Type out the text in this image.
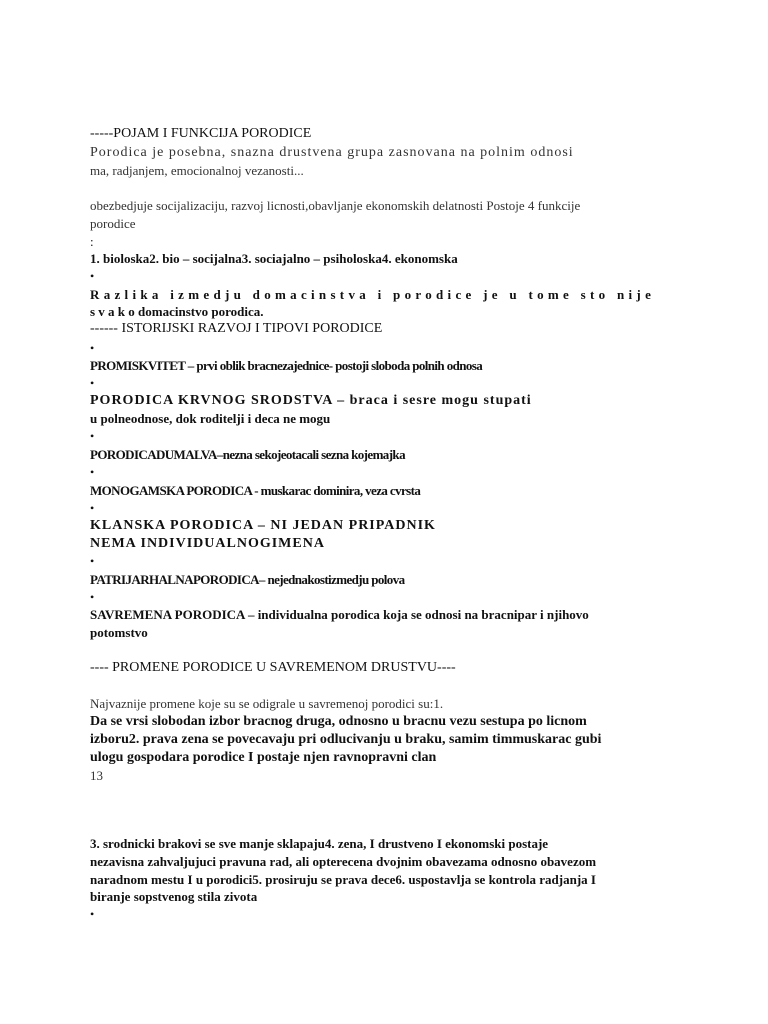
-----POJAM I FUNKCIJA PORODICE
Porodica je posebna, snazna drustvena grupa zasnovana na polnim odnosi
ma, radjanjem, emocionalnoj vezanosti...
obezbedjuje socijalizaciju, razvoj licnosti,obavljanje ekonomskih delatnosti Postoje 4 funkcije
porodice
:
1. bioloska2. bio – socijalna3. sociajalno – psiholoska4. ekonomska
•
Razlika izmedju domacinstva i porodice je u tome sto nije
s v a k o domacinstvo porodica.
------ ISTORIJSKI RAZVOJ I TIPOVI PORODICE
•
PROMISKVITET – prvi oblik bracnezajednice- postoji sloboda polnih odnosa
•
PORODICA KRVNOG SRODSTVA – braca i sesre mogu stupati
u polneodnose, dok roditelji i deca ne mogu
•
PORODICADUMALVA–nezna sekojeotacali sezna kojemajka
•
MONOGAMSKA PORODICA - muskarac dominira, veza cvrsta
•
KLANSKA PORODICA – NI JEDAN PRIPADNIK
NEMA INDIVIDUALNOGIMENA
•
PATRIJARHALNAPORODICA– nejednakostizmedju polova
•
SAVREMENA PORODICA – individualna porodica koja se odnosi na bracnipar i njihovo
potomstvo
---- PROMENE PORODICE U SAVREMENOM DRUSTVU----
Najvaznije promene koje su se odigrale u savremenoj porodici su:1.
Da se vrsi slobodan izbor bracnog druga, odnosno u bracnu vezu sestupa po licnom
izboru2. prava zena se povecavaju pri odlucivanju u braku, samim timmuskarac gubi
ulogu gospodara porodice I postaje njen ravnopravni clan
13
3. srodnicki brakovi se sve manje sklapaju4. zena, I drustveno I ekonomski postaje
nezavisna zahvaljujuci pravuna rad, ali opterecena dvojnim obavezama odnosno obavezom
naradnom mestu I u porodici5. prosiruju se prava dece6. uspostavlja se kontrola radjanja I
biranje sopstvenog stila zivota
•
